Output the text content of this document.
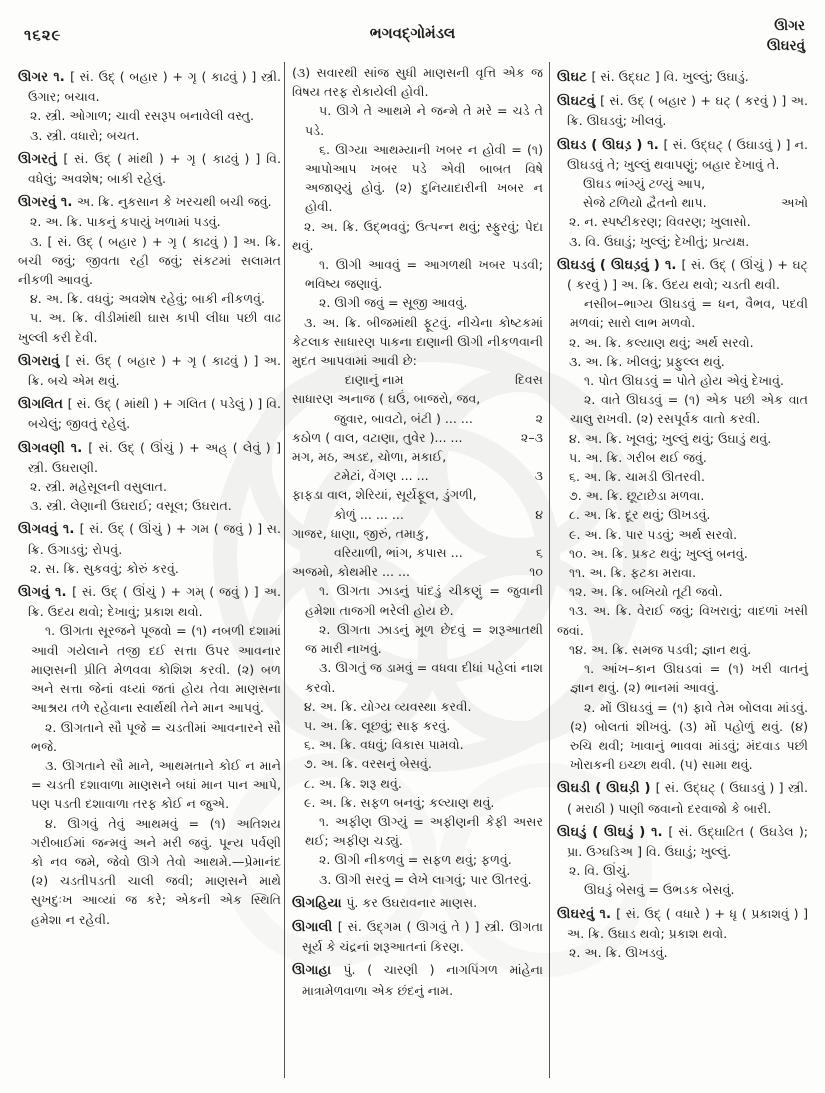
૧૬૨૯	ભગવદ્ગોમંડલ	ઊગર
ઊઘરવું
ઊગર ૧. [ સં. ઉદ્ ( બહાર ) + ગૃ ( કાઢવું ) ] સ્ત્રી. ઉગાર; બચાવ.
૨. સ્ત્રી. ઓગાળ; ચાવી રસરૂપ બનાવેલી વસ્તુ.
૩. સ્ત્રી. વધારો; બચત.
ઊગરતું [ સં. ઉદ્ ( માંથી ) + ગૃ ( કાઢવું ) ] વિ. વધેલું; અવશેષ; બાકી રહેલું.
ઊગરવું ૧. અ. ક્રિ. નુકસાન કે ખરચથી બચી જવું.
૨. અ. ક્રિ. પાકનું કપાયું ખળામાં પડવું.
૩. [ સં. ઉદ્ ( બહાર ) + ગૃ ( કાઢવું ) ] અ. ક્રિ. બચી જવું; જીવતા રહી જવું; સંકટમાં સલામત નીકળી આવવું.
૪. અ. ક્રિ. વધવું; અવશેષ રહેવું; બાકી નીકળવું.
૫. અ. ક્રિ. વીડીમાંથી ઘાસ કાપી લીધા પછી વાઢ ખુલ્લી કરી દેવી.
ઊગરાવું [ સં. ઉદ્ ( બહાર ) + ગૃ ( કાઢવું ) ] અ. ક્રિ. બચે એમ થવું.
ઊગલિત [ સં. ઉદ્ ( માંથી ) + ગલિત ( પડેલું ) ] વિ. બચેલું; જીવતું રહેલું.
ઊગવણી ૧. [ સં. ઉદ્ ( ઊંચું ) + અહ્ ( લેવું ) ] સ્ત્રી. ઉઘરાણી.
૨. સ્ત્રી. મહેસૂલની વસુલાત.
૩. સ્ત્રી. લેણાની ઉઘરાઈ; વસૂલ; ઉઘરાત.
ઊગવવું ૧. [ સં. ઉદ્ ( ઊંચું ) + ગમ ( જવું ) ] સ. ક્રિ. ઉગાડવું; રોપવું.
૨. સ. ક્રિ. સુકવવું; કોરું કરવું.
ઊગવું ૧. [ સં. ઉદ્ ( ઊંચું ) + ગમ્ ( જવું ) ] અ. ક્રિ. ઉદય થવો; દેખાવું; પ્રકાશ થવો.
૧. ઊગતા સૂરજને પૂજવો = (૧) નબળી દશામાં આવી ગયેલાને તજી દઈ સત્તા ઉપર આવનાર માણસની પ્રીતિ મેળવવા કોશિશ કરવી. (૨) બળ અને સત્તા જેનાં વધ્યાં જતાં હોય તેવા માણસના આશ્રય તળે રહેવાના સ્વાર્થથી તેને માન આપવું.
૨. ઊગતાને સૌ પૂજે = ચડતીમાં આવનારને સૌ ભજે.
૩. ઊગતાને સૌ માને, આથમતાને કોઈ ન માને = ચડતી દશાવાળા માણસને બધાં માન પાન આપે, પણ પડતી દશાવાળા તરફ કોઈ ન જુએ.
૪. ઊગવું તેવું આથમવું = (૧) અતિશય ગરીબાઈમાં જન્મવું અને મરી જવું. પૂન્ય પર્વણી કો નવ જમે, જેવો ઊગે તેવો આથમે.—પ્રેમાનંદ (૨) ચડતીપડતી ચાલી જવી; માણસને માથે સુખદુઃખ આવ્યાં જ કરે; એકની એક સ્થિતિ હમેશા ન રહેવી.
(૩) સવારથી સાંજ સુધી માણસની વૃત્તિ એક જ વિષય તરફ રોકાયેલી હોવી.
૫. ઊગે તે આથમે ને જન્મે તે મરે = ચડે તે પડે.
૬. ઊગ્યા આથમ્યાની ખબર ન હોવી = (૧) આપોઆપ ખબર પડે એવી બાબત વિષે અજાણ્યું હોવું. (૨) દુનિયાદારીની ખબર ન હોવી.
૨. અ. ક્રિ. ઉદ્ભવવું; ઉત્પન્ન થવું; સ્ફુરવું; પેદા થવું.
૧. ઊગી આવવું = આગળથી ખબર પડવી; ભવિષ્ય જણાવું.
૨. ઊગી જવું = સૂજી આવવું.
૩. અ. ક્રિ. બીજમાંથી ફૂટવું. નીચેના કોષ્ટકમાં કેટલાક સાધારણ પાકના દાણાની ઊગી નીકળવાની મુદત આપવામાં આવી છે:
દાણાનું નામ	દિવસ
સાધારણ અનાજ ( ઘઉં, બાજરો, જવ,
જુવાર, બાવટો, બંટી ) ... ...	૨
કઠોળ ( વાલ, વટાણા, તુવેર )... ...	૨–૩
મગ, મઠ, અડદ, ચોળા, મકાઈ,
ટમેટાં, વેંગણ ... ...	૩
ફાફડા વાલ, શેરિયાં, સૂર્યફૂલ, ડુંગળી,
કોળું ... ... ...	૪
ગાજર, ધાણા, જીરું, તમાકુ,
વરિયાળી, ભાંગ, કપાસ ...	૬
અજમો, કોથમીર ... ...	૧૦
૧. ઊગતા ઝાડનું પાંદડું ચીકણું = જુવાની હમેશા તાજગી ભરેલી હોય છે.
૨. ઊગતા ઝાડનું મૂળ છેદવું = શરૂઆતથી જ મારી નાખવું.
૩. ઊગતું જ ડામવું = વધવા દીધાં પહેલાં નાશ કરવો.
૪. અ. ક્રિ. યોગ્ય વ્યવસ્થા કરવી.
૫. અ. ક્રિ. લૂછવું; સાફ કરવું.
૬. અ. ક્રિ. વધવું; વિકાસ પામવો.
૭. અ. ક્રિ. વરસનું બેસવું.
૮. અ. ક્રિ. શરૂ થવું.
૯. અ. ક્રિ. સફળ બનવું; કલ્યાણ થવું.
૧. અફીણ ઊગ્યું = અફીણની કેફી અસર થઈ; અફીણ ચડ્યું.
૨. ઊગી નીકળવું = સફળ થવું; ફળવું.
૩. ઊગી સરવું = લેખે લાગવું; પાર ઊતરવું.
ઊગહિયા પું. કર ઉઘરાવનાર માણસ.
ઊગાલી [ સં. ઉદ્ગમ ( ઊગવું તે ) ] સ્ત્રી. ઊગતા સૂર્ય કે ચંદ્રનાં શરૂઆતનાં કિરણ.
ઊગાહા પું. ( ચારણી ) નાગપિંગળ માંહેના માત્રામેળવાળા એક છંદનું નામ.
ઊઘટ [ સં. ઉદ્ઘટ ] વિ. ખુલ્લું; ઉઘાડું.
ઊઘટવું [ સં. ઉદ્ ( બહાર ) + ઘટ્ ( કરવું ) ] અ. ક્રિ. ઊઘડવું; ખીલવું.
ઊઘડ ( ઊઘડ઼ ) ૧. [ સં. ઉદ્ઘટ્ ( ઉઘાડવું ) ] ન. ઊઘડવું તે; ખુલ્લું થવાપણું; બહાર દેખાવું તે.
ઊઘડ ભાંગ્યું ટળ્યું આપ,
સેજે ટળિયો દ્વૈતનો થાપ.	અખો
૨. ન. સ્પષ્ટીકરણ; વિવરણ; ખુલાસો.
૩. વિ. ઉઘાડું; ખુલ્લું; દેખીતું; પ્રત્યક્ષ.
ઊઘડવું ( ઊઘડ઼વું ) ૧. [ સં. ઉદ્ ( ઊંચું ) + ઘટ્ ( કરવું ) ] અ. ક્રિ. ઉદય થવો; ચડતી થવી.
નસીબ–ભાગ્ય ઊઘડવું = ધન, વૈભવ, પદવી મળવાં; સારો લાભ મળવો.
૨. અ. ક્રિ. કલ્યાણ થવું; અર્થ સરવો.
૩. અ. ક્રિ. ખીલવું; પ્રફુલ્લ થવું.
૧. પોત ઊઘડવું = પોતે હોય એવું દેખાવું.
૨. વાતે ઊઘડવું = (૧) એક પછી એક વાત ચાલુ રાખવી. (૨) રસપૂર્વક વાતો કરવી.
૪. અ. ક્રિ. ખૂલવું; ખુલ્લું થવું; ઉઘાડું થવું.
૫. અ. ક્રિ. ગરીબ થઈ જવું.
૬. અ. ક્રિ. ચામડી ઊતરવી.
૭. અ. ક્રિ. છૂટાછેડા મળવા.
૮. અ. ક્રિ. દૂર થવું; ઊખડવું.
૯. અ. ક્રિ. પાર પડવું; અર્થ સરવો.
૧૦. અ. ક્રિ. પ્રકટ થવું; ખુલ્લું બનવું.
૧૧. અ. ક્રિ. ફટકા મરાવા.
૧૨. અ. ક્રિ. બખિયો તૂટી જવો.
૧૩. અ. ક્રિ. વેરાઈ જવું; વિખરાવું; વાદળાં ખસી જવાં.
૧૪. અ. ક્રિ. સમજ પડવી; જ્ઞાન થવું.
૧. આંખ–કાન ઊઘડવાં = (૧) ખરી વાતનું જ્ઞાન થવું. (૨) ભાનમાં આવવું.
૨. મોં ઊઘડવું = (૧) ફાવે તેમ બોલવા માંડવું. (૨) બોલતાં શીખવું. (૩) મોં પહોળું થવું. (૪) રુચિ થવી; ખાવાનું ભાવવા માંડવું; મંદવાડ પછી ખોરાકની ઇચ્છા થવી. (૫) સામા થવું.
ઊઘડી ( ઊઘડ઼ી ) [ સં. ઉદ્ઘટ્ ( ઉઘાડવું ) ] સ્ત્રી. ( મરાઠી ) પાણી જવાનો દરવાજો કે બારી.
ઊઘડું ( ઊઘડ઼ું ) ૧. [ સં. ઉદ્ઘાટિત ( ઉઘડેલ ); પ્રા. ઉગ્ઘડિઅ ] વિ. ઉઘાડું; ખુલ્લું.
૨. વિ. ઊંચું.
ઊઘડું બેસવું = ઉભડક બેસવું.
ઊઘરવું ૧. [ સં. ઉદ્ ( વધારે ) + ધૃ ( પ્રકાશવું ) ] અ. ક્રિ. ઉઘાડ થવો; પ્રકાશ થવો.
૨. અ. ક્રિ. ઊખડવું.
